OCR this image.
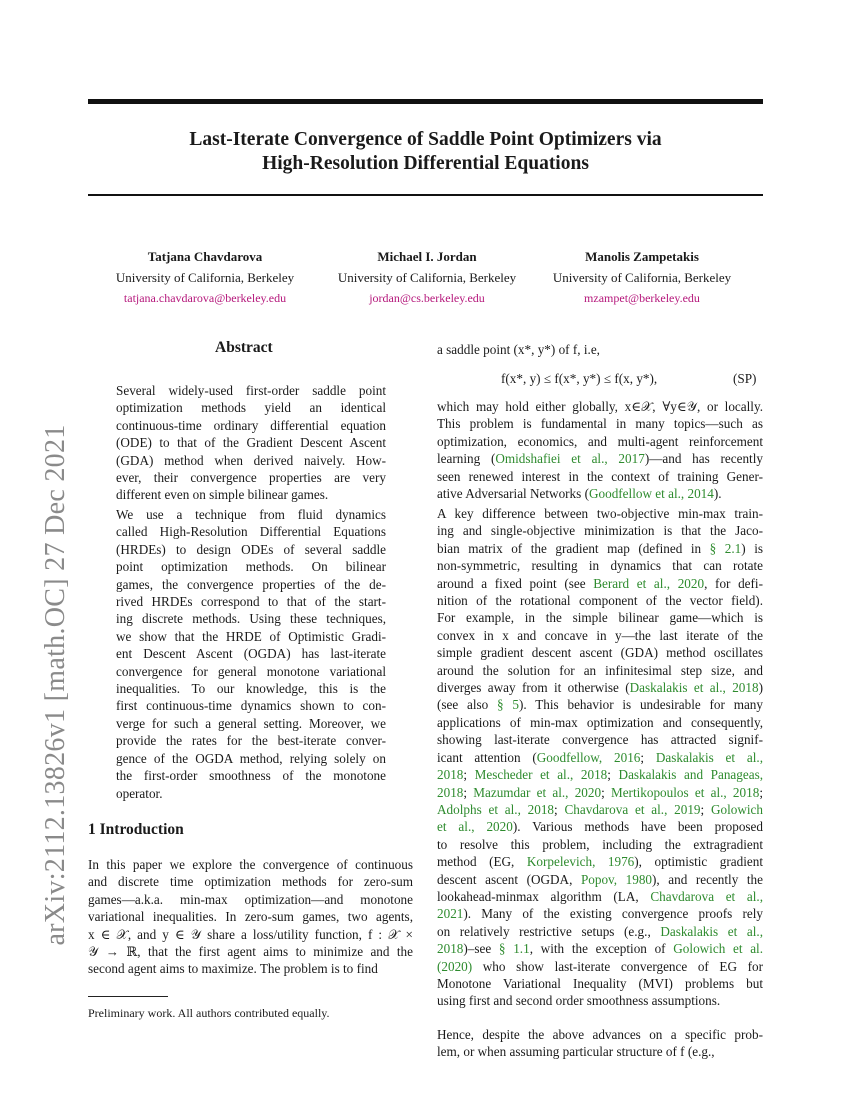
Last-Iterate Convergence of Saddle Point Optimizers via
High-Resolution Differential Equations
Tatjana Chavdarova
University of California, Berkeley
tatjana.chavdarova@berkeley.edu
Michael I. Jordan
University of California, Berkeley
jordan@cs.berkeley.edu
Manolis Zampetakis
University of California, Berkeley
mzampet@berkeley.edu
arXiv:2112.13826v1 [math.OC] 27 Dec 2021
Abstract
Several widely-used first-order saddle point
optimization methods yield an identical
continuous-time ordinary differential equation
(ODE) to that of the Gradient Descent Ascent
(GDA) method when derived naively. How-
ever, their convergence properties are very
different even on simple bilinear games.
We use a technique from fluid dynamics
called High-Resolution Differential Equations
(HRDEs) to design ODEs of several saddle
point optimization methods. On bilinear
games, the convergence properties of the de-
rived HRDEs correspond to that of the start-
ing discrete methods. Using these techniques,
we show that the HRDE of Optimistic Gradi-
ent Descent Ascent (OGDA) has last-iterate
convergence for general monotone variational
inequalities. To our knowledge, this is the
first continuous-time dynamics shown to con-
verge for such a general setting. Moreover, we
provide the rates for the best-iterate conver-
gence of the OGDA method, relying solely on
the first-order smoothness of the monotone
operator.
1 Introduction
In this paper we explore the convergence of continuous
and discrete time optimization methods for zero-sum
games—a.k.a. min-max optimization—and monotone
variational inequalities. In zero-sum games, two agents,
x ∈ 𝒳, and y ∈ 𝒴 share a loss/utility function, f : 𝒳 ×
𝒴 → ℝ, that the first agent aims to minimize and the
second agent aims to maximize. The problem is to find
a saddle point (x*, y*) of f, i.e,
f(x*, y) ≤ f(x*, y*) ≤ f(x, y*),	(SP)
which may hold either globally, x∈𝒳, ∀y∈𝒴, or locally.
This problem is fundamental in many topics—such as
optimization, economics, and multi-agent reinforcement
learning (Omidshafiei et al., 2017)—and has recently
seen renewed interest in the context of training Gener-
ative Adversarial Networks (Goodfellow et al., 2014).
A key difference between two-objective min-max train-
ing and single-objective minimization is that the Jaco-
bian matrix of the gradient map (defined in § 2.1) is
non-symmetric, resulting in dynamics that can rotate
around a fixed point (see Berard et al., 2020, for defi-
nition of the rotational component of the vector field).
For example, in the simple bilinear game—which is
convex in x and concave in y—the last iterate of the
simple gradient descent ascent (GDA) method oscillates
around the solution for an infinitesimal step size, and
diverges away from it otherwise (Daskalakis et al., 2018)
(see also § 5). This behavior is undesirable for many
applications of min-max optimization and consequently,
showing last-iterate convergence has attracted signif-
icant attention (Goodfellow, 2016; Daskalakis et al.,
2018; Mescheder et al., 2018; Daskalakis and Panageas,
2018; Mazumdar et al., 2020; Mertikopoulos et al., 2018;
Adolphs et al., 2018; Chavdarova et al., 2019; Golowich
et al., 2020). Various methods have been proposed
to resolve this problem, including the extragradient
method (EG, Korpelevich, 1976), optimistic gradient
descent ascent (OGDA, Popov, 1980), and recently the
lookahead-minmax algorithm (LA, Chavdarova et al.,
2021). Many of the existing convergence proofs rely
on relatively restrictive setups (e.g., Daskalakis et al.,
2018)–see § 1.1, with the exception of Golowich et al.
(2020) who show last-iterate convergence of EG for
Monotone Variational Inequality (MVI) problems but
using first and second order smoothness assumptions.
Hence, despite the above advances on a specific prob-
lem, or when assuming particular structure of f (e.g.,
Preliminary work. All authors contributed equally.
